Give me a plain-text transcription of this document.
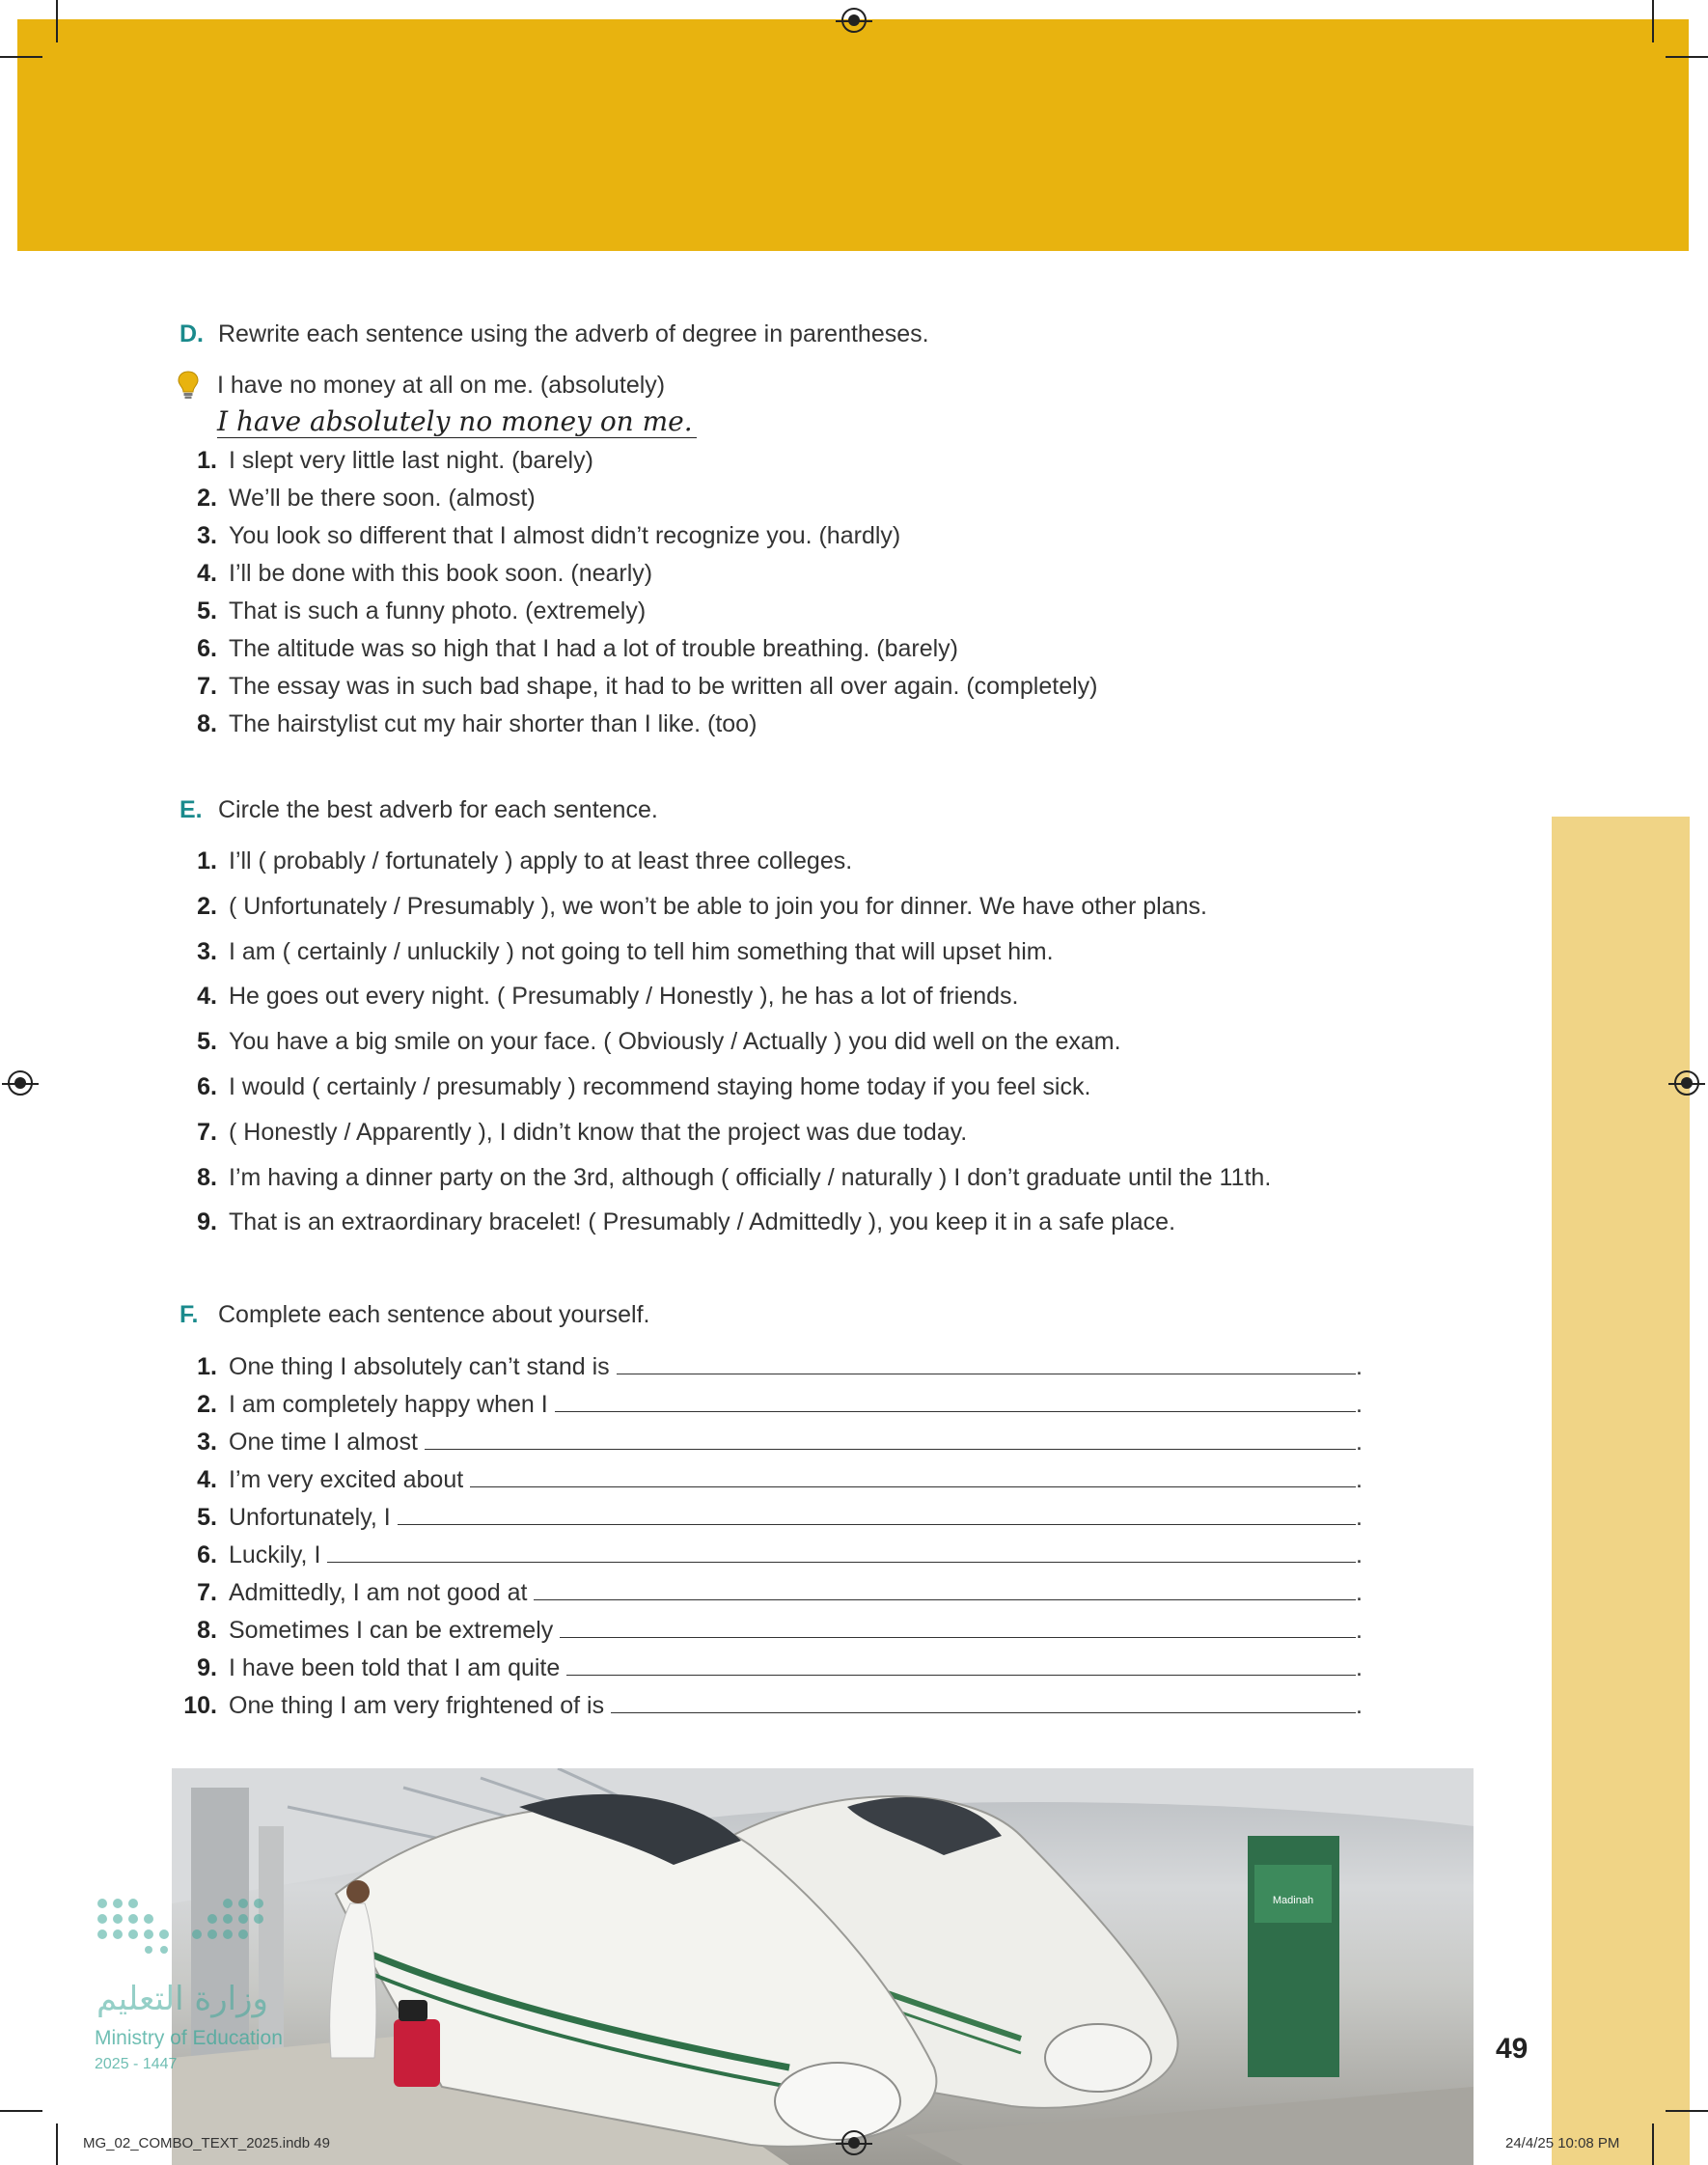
D. Rewrite each sentence using the adverb of degree in parentheses.
I have no money at all on me. (absolutely)
I have absolutely no money on me.
1. I slept very little last night. (barely)
2. We’ll be there soon. (almost)
3. You look so different that I almost didn’t recognize you. (hardly)
4. I’ll be done with this book soon. (nearly)
5. That is such a funny photo. (extremely)
6. The altitude was so high that I had a lot of trouble breathing. (barely)
7. The essay was in such bad shape, it had to be written all over again. (completely)
8. The hairstylist cut my hair shorter than I like. (too)
E. Circle the best adverb for each sentence.
1. I’ll ( probably / fortunately ) apply to at least three colleges.
2. ( Unfortunately / Presumably ), we won’t be able to join you for dinner. We have other plans.
3. I am ( certainly / unluckily ) not going to tell him something that will upset him.
4. He goes out every night. ( Presumably / Honestly ), he has a lot of friends.
5. You have a big smile on your face. ( Obviously / Actually ) you did well on the exam.
6. I would ( certainly / presumably ) recommend staying home today if you feel sick.
7. ( Honestly / Apparently ), I didn’t know that the project was due today.
8. I’m having a dinner party on the 3rd, although ( officially / naturally ) I don’t graduate until the 11th.
9. That is an extraordinary bracelet! ( Presumably / Admittedly ), you keep it in a safe place.
F. Complete each sentence about yourself.
1. One thing I absolutely can’t stand is	.
2. I am completely happy when I	.
3. One time I almost	.
4. I’m very excited about	.
5. Unfortunately, I	.
6. Luckily, I	.
7. Admittedly, I am not good at	.
8. Sometimes I can be extremely	.
9. I have been told that I am quite	.
10. One thing I am very frightened of is	.
Madinah
وزارة التعليم
Ministry of Education
2025 - 1447	49
MG_02_COMBO_TEXT_2025.indb 49	24/4/25 10:08 PM
